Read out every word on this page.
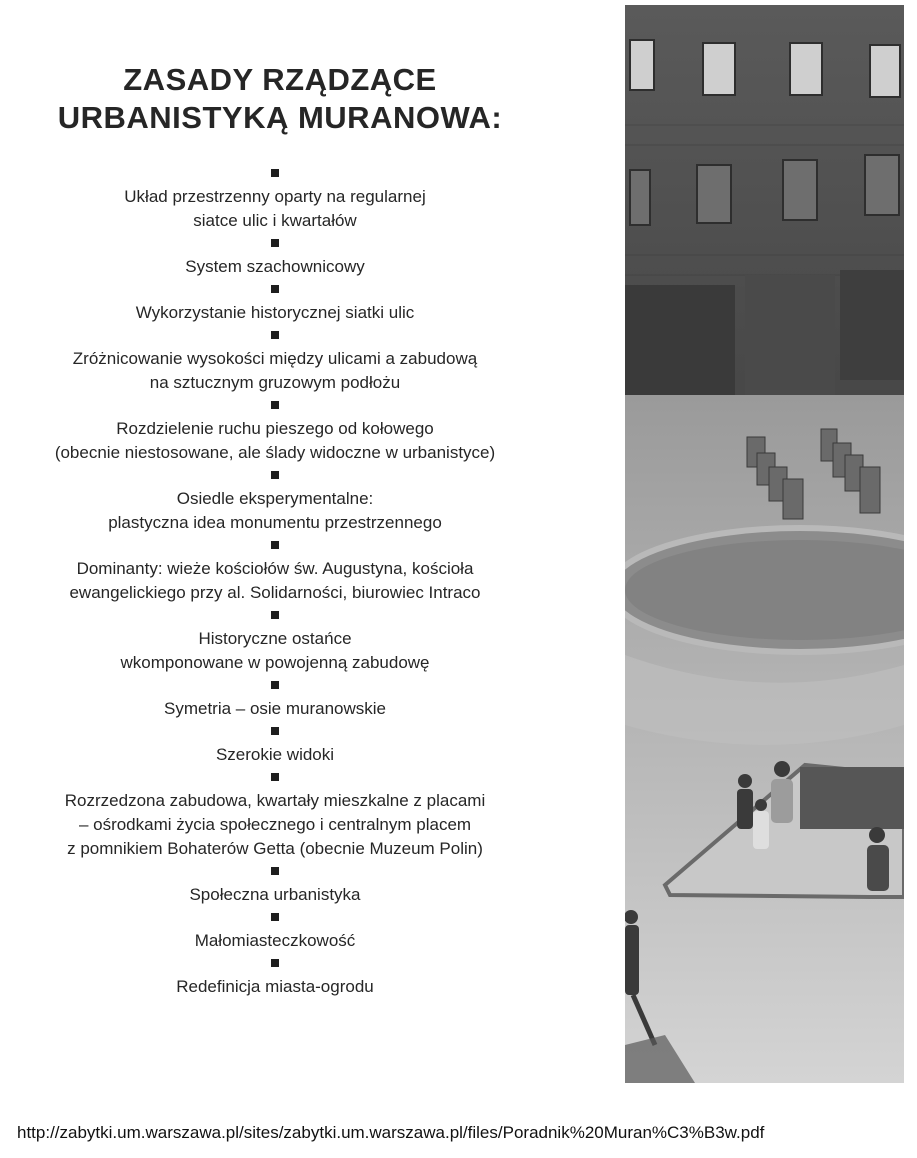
ZASADY RZĄDZĄCE
URBANISTYKĄ MURANOWA:
Układ przestrzenny oparty na regularnej
siatce ulic i kwartałów
System szachownicowy
Wykorzystanie historycznej siatki ulic
Zróżnicowanie wysokości między ulicami a zabudową
na sztucznym gruzowym podłożu
Rozdzielenie ruchu pieszego od kołowego
(obecnie niestosowane, ale ślady widoczne w urbanistyce)
Osiedle eksperymentalne:
plastyczna idea monumentu przestrzennego
Dominanty: wieże kościołów św. Augustyna, kościoła
ewangelickiego przy al. Solidarności, biurowiec Intraco
Historyczne ostańce
wkomponowane w powojenną zabudowę
Symetria – osie muranowskie
Szerokie widoki
Rozrzedzona zabudowa, kwartały mieszkalne z placami
– ośrodkami życia społecznego i centralnym placem
z pomnikiem Bohaterów Getta (obecnie Muzeum Polin)
Społeczna urbanistyka
Małomiasteczkowość
Redefinicja miasta-ogrodu
http://zabytki.um.warszawa.pl/sites/zabytki.um.warszawa.pl/files/Poradnik%20Muran%C3%B3w.pdf
